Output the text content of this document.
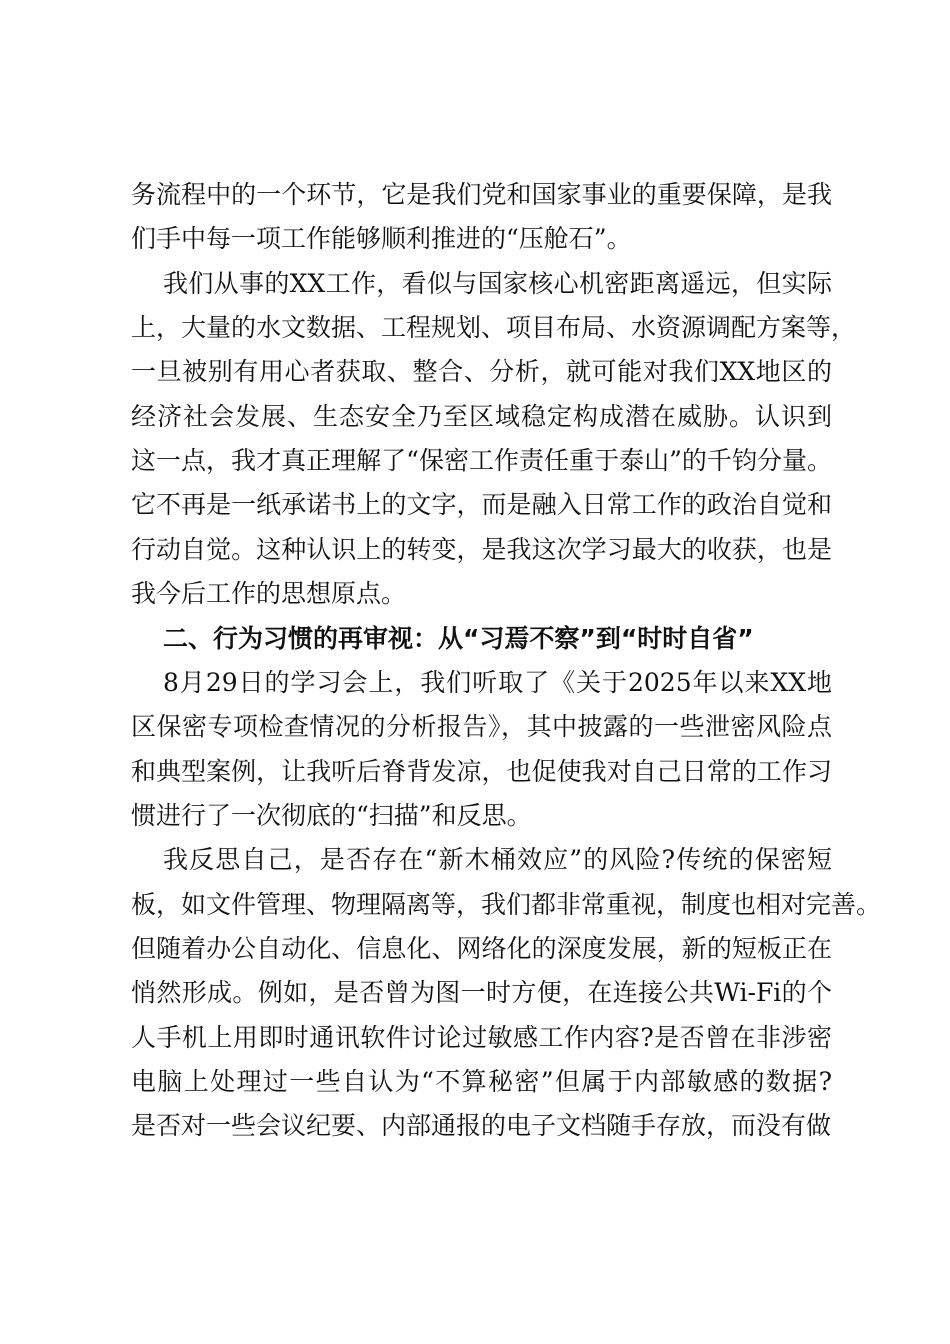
务流程中的一个环节，它是我们党和国家事业的重要保障，是我
们手中每一项工作能够顺利推进的“压舱石”。
我们从事的XX工作，看似与国家核心机密距离遥远，但实际
上，大量的水文数据、工程规划、项目布局、水资源调配方案等，
一旦被别有用心者获取、整合、分析，就可能对我们XX地区的
经济社会发展、生态安全乃至区域稳定构成潜在威胁。认识到
这一点，我才真正理解了“保密工作责任重于泰山”的千钧分量。
它不再是一纸承诺书上的文字，而是融入日常工作的政治自觉和
行动自觉。这种认识上的转变，是我这次学习最大的收获，也是
我今后工作的思想原点。
二、行为习惯的再审视：从“习焉不察”到“时时自省”
8月29日的学习会上，我们听取了《关于2025年以来XX地
区保密专项检查情况的分析报告》，其中披露的一些泄密风险点
和典型案例，让我听后脊背发凉，也促使我对自己日常的工作习
惯进行了一次彻底的“扫描”和反思。
我反思自己，是否存在“新木桶效应”的风险?传统的保密短
板，如文件管理、物理隔离等，我们都非常重视，制度也相对完善。
但随着办公自动化、信息化、网络化的深度发展，新的短板正在
悄然形成。例如，是否曾为图一时方便，在连接公共Wi-Fi的个
人手机上用即时通讯软件讨论过敏感工作内容?是否曾在非涉密
电脑上处理过一些自认为“不算秘密”但属于内部敏感的数据?
是否对一些会议纪要、内部通报的电子文档随手存放，而没有做
